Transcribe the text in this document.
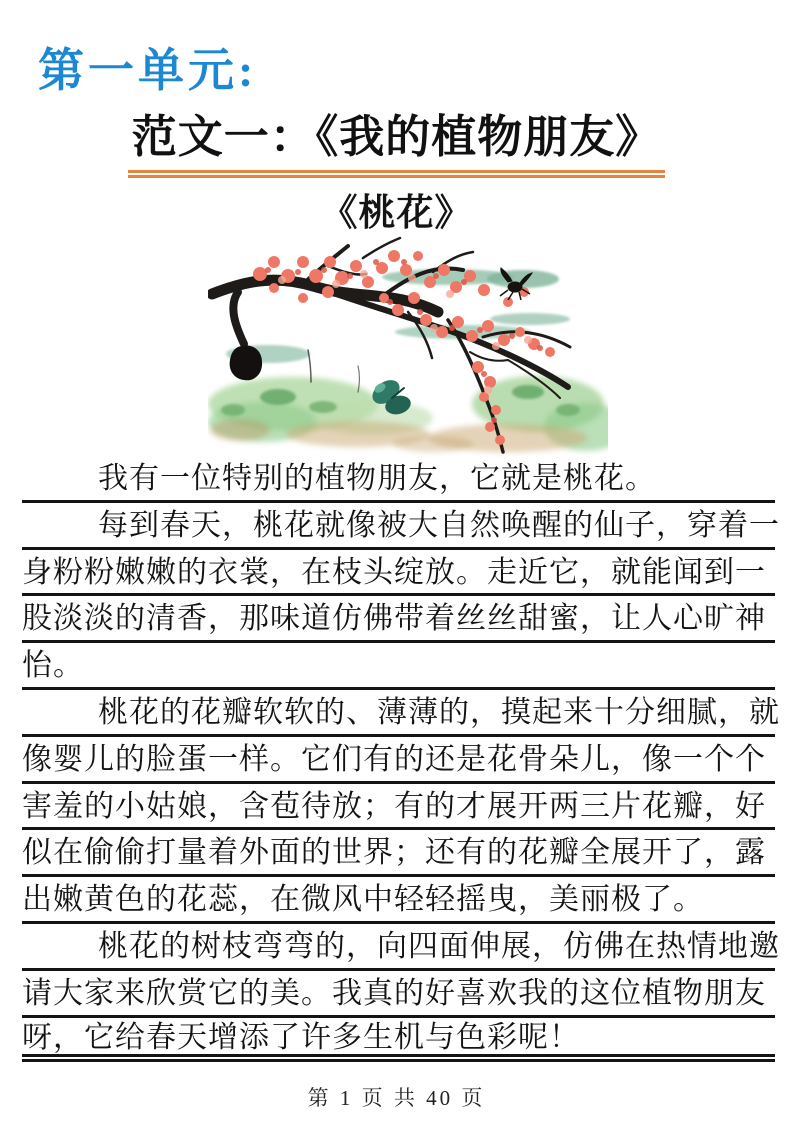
第一单元:
范文一：《我的植物朋友》
《桃花》
我有一位特别的植物朋友，它就是桃花。
每到春天，桃花就像被大自然唤醒的仙子，穿着一
身粉粉嫩嫩的衣裳，在枝头绽放。走近它，就能闻到一
股淡淡的清香，那味道仿佛带着丝丝甜蜜，让人心旷神
怡。
桃花的花瓣软软的、薄薄的，摸起来十分细腻，就
像婴儿的脸蛋一样。它们有的还是花骨朵儿，像一个个
害羞的小姑娘，含苞待放；有的才展开两三片花瓣，好
似在偷偷打量着外面的世界；还有的花瓣全展开了，露
出嫩黄色的花蕊，在微风中轻轻摇曳，美丽极了。
桃花的树枝弯弯的，向四面伸展，仿佛在热情地邀
请大家来欣赏它的美。我真的好喜欢我的这位植物朋友
呀，它给春天增添了许多生机与色彩呢！
第 1 页 共 40 页
